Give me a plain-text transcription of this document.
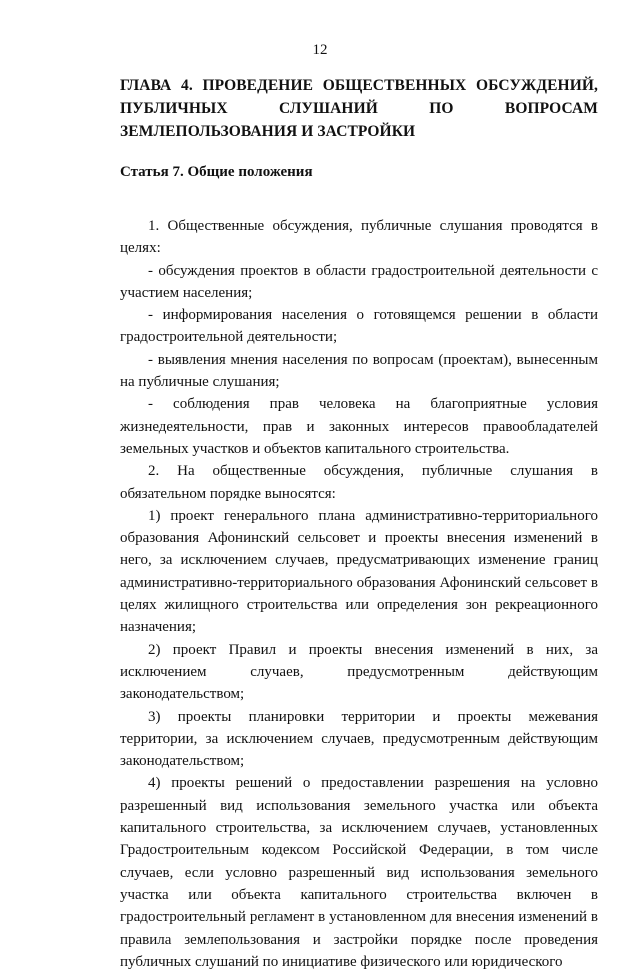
12
ГЛАВА 4. ПРОВЕДЕНИЕ ОБЩЕСТВЕННЫХ ОБСУЖДЕНИЙ, ПУБЛИЧНЫХ СЛУШАНИЙ ПО ВОПРОСАМ ЗЕМЛЕПОЛЬЗОВАНИЯ И ЗАСТРОЙКИ
Статья 7. Общие положения

1. Общественные обсуждения, публичные слушания проводятся в целях:

- обсуждения проектов в области градостроительной деятельности с участием населения;

- информирования населения о готовящемся решении в области градостроительной деятельности;

- выявления мнения населения по вопросам (проектам), вынесенным на публичные слушания;

- соблюдения прав человека на благоприятные условия жизнедеятельности, прав и законных интересов правообладателей земельных участков и объектов капитального строительства.

2. На общественные обсуждения, публичные слушания в обязательном порядке выносятся:

1) проект генерального плана административно-территориального образования Афонинский сельсовет и проекты внесения изменений в него, за исключением случаев, предусматривающих изменение границ административно-территориального образования Афонинский сельсовет в целях жилищного строительства или определения зон рекреационного назначения;

2) проект Правил и проекты внесения изменений в них, за исключением случаев, предусмотренным действующим законодательством;

3) проекты планировки территории и проекты межевания территории, за исключением случаев, предусмотренным действующим законодательством;

4) проекты решений о предоставлении разрешения на условно разрешенный вид использования земельного участка или объекта капитального строительства, за исключением случаев, установленных Градостроительным кодексом Российской Федерации, в том числе случаев, если условно разрешенный вид использования земельного участка или объекта капитального строительства включен в градостроительный регламент в установленном для внесения изменений в правила землепользования и застройки порядке после проведения публичных слушаний по инициативе физического или юридического
